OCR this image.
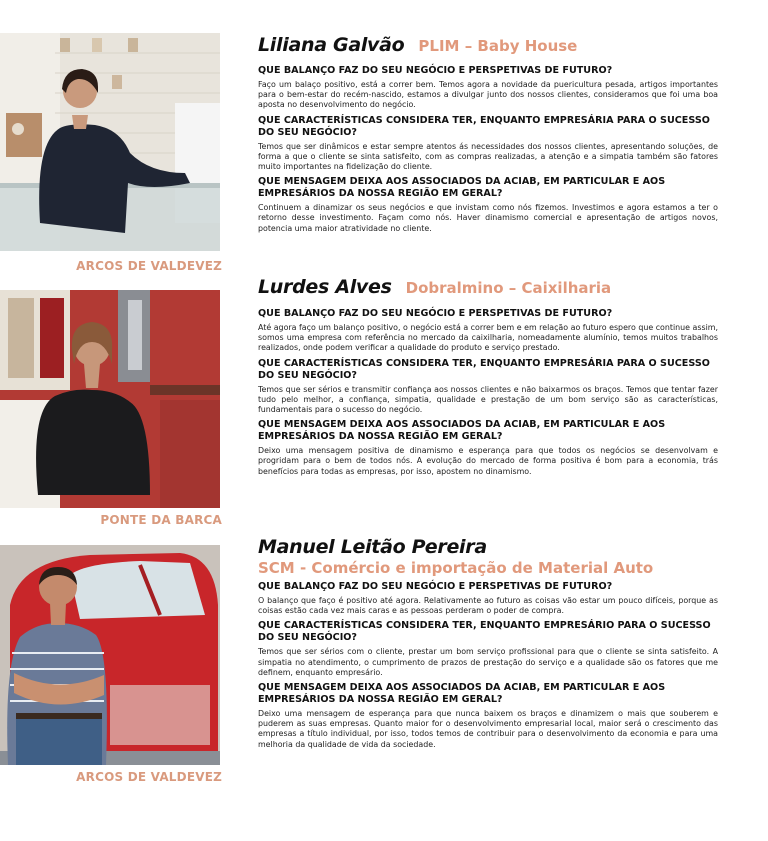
ARCOS DE VALDEVEZ
Liliana Galvão PLIM – Baby House

QUE BALANÇO FAZ DO SEU NEGÓCIO E PERSPETIVAS DE FUTURO?

Faço um balaço positivo, está a correr bem. Temos agora a novidade da puericultura pesada, artigos importantes para o bem-estar do recém-nascido, estamos a divulgar junto dos nossos clientes, consideramos que foi uma boa aposta no desenvolvimento do negócio.

QUE CARACTERÍSTICAS CONSIDERA TER, ENQUANTO EMPRESÁRIA PARA O SUCESSO DO SEU NEGÓCIO?

Temos que ser dinâmicos e estar sempre atentos ás necessidades dos nossos clientes, apresentando soluções, de forma a que o cliente se sinta satisfeito, com as compras realizadas, a atenção e a simpatia também são fatores muito importantes na fidelização do cliente.

QUE MENSAGEM DEIXA AOS ASSOCIADOS DA ACIAB, EM PARTICULAR E AOS EMPRESÁRIOS DA NOSSA REGIÃO EM GERAL?

Continuem a dinamizar os seus negócios e que invistam como nós fizemos. Investimos e agora estamos a ter o retorno desse investimento. Façam como nós. Haver dinamismo comercial e apresentação de artigos novos, potencia uma maior atratividade no cliente.

PONTE DA BARCA
Lurdes Alves Dobralmino – Caixilharia

QUE BALANÇO FAZ DO SEU NEGÓCIO E PERSPETIVAS DE FUTURO?

Até agora faço um balanço positivo, o negócio está a correr bem e em relação ao futuro espero que continue assim, somos uma empresa com referência no mercado da caixilharia, nomeadamente alumínio, temos muitos trabalhos realizados, onde podem verificar a qualidade do produto e serviço prestado.

QUE CARACTERÍSTICAS CONSIDERA TER, ENQUANTO EMPRESÁRIA PARA O SUCESSO DO SEU NEGÓCIO?

Temos que ser sérios e transmitir confiança aos nossos clientes e não baixarmos os braços. Temos que tentar fazer tudo pelo melhor, a confiança, simpatia, qualidade e prestação de um bom serviço são as características, fundamentais para o sucesso do negócio.

QUE MENSAGEM DEIXA AOS ASSOCIADOS DA ACIAB, EM PARTICULAR E AOS EMPRESÁRIOS DA NOSSA REGIÃO EM GERAL?

Deixo uma mensagem positiva de dinamismo e esperança para que todos os negócios se desenvolvam e progridam para o bem de todos nós. A evolução do mercado de forma positiva é bom para a economia, trás benefícios para todas as empresas, por isso, apostem no dinamismo.

ARCOS DE VALDEVEZ
Manuel Leitão Pereira
SCM - Comércio e importação de Material Auto

QUE BALANÇO FAZ DO SEU NEGÓCIO E PERSPETIVAS DE FUTURO?

O balanço que faço é positivo até agora. Relativamente ao futuro as coisas vão estar um pouco difíceis, porque as coisas estão cada vez mais caras e as pessoas perderam o poder de compra.

QUE CARACTERÍSTICAS CONSIDERA TER, ENQUANTO EMPRESÁRIO PARA O SUCESSO DO SEU NEGÓCIO?

Temos que ser sérios com o cliente, prestar um bom serviço profissional para que o cliente se sinta satisfeito. A simpatia no atendimento, o cumprimento de prazos de prestação do serviço e a qualidade são os fatores que me definem, enquanto empresário.

QUE MENSAGEM DEIXA AOS ASSOCIADOS DA ACIAB, EM PARTICULAR E AOS EMPRESÁRIOS DA NOSSA REGIÃO EM GERAL?

Deixo uma mensagem de esperança para que nunca baixem os braços e dinamizem o mais que souberem e puderem as suas empresas. Quanto maior for o desenvolvimento empresarial local, maior será o crescimento das empresas a título individual, por isso, todos temos de contribuir para o desenvolvimento da economia e para uma melhoria da qualidade de vida da sociedade.
